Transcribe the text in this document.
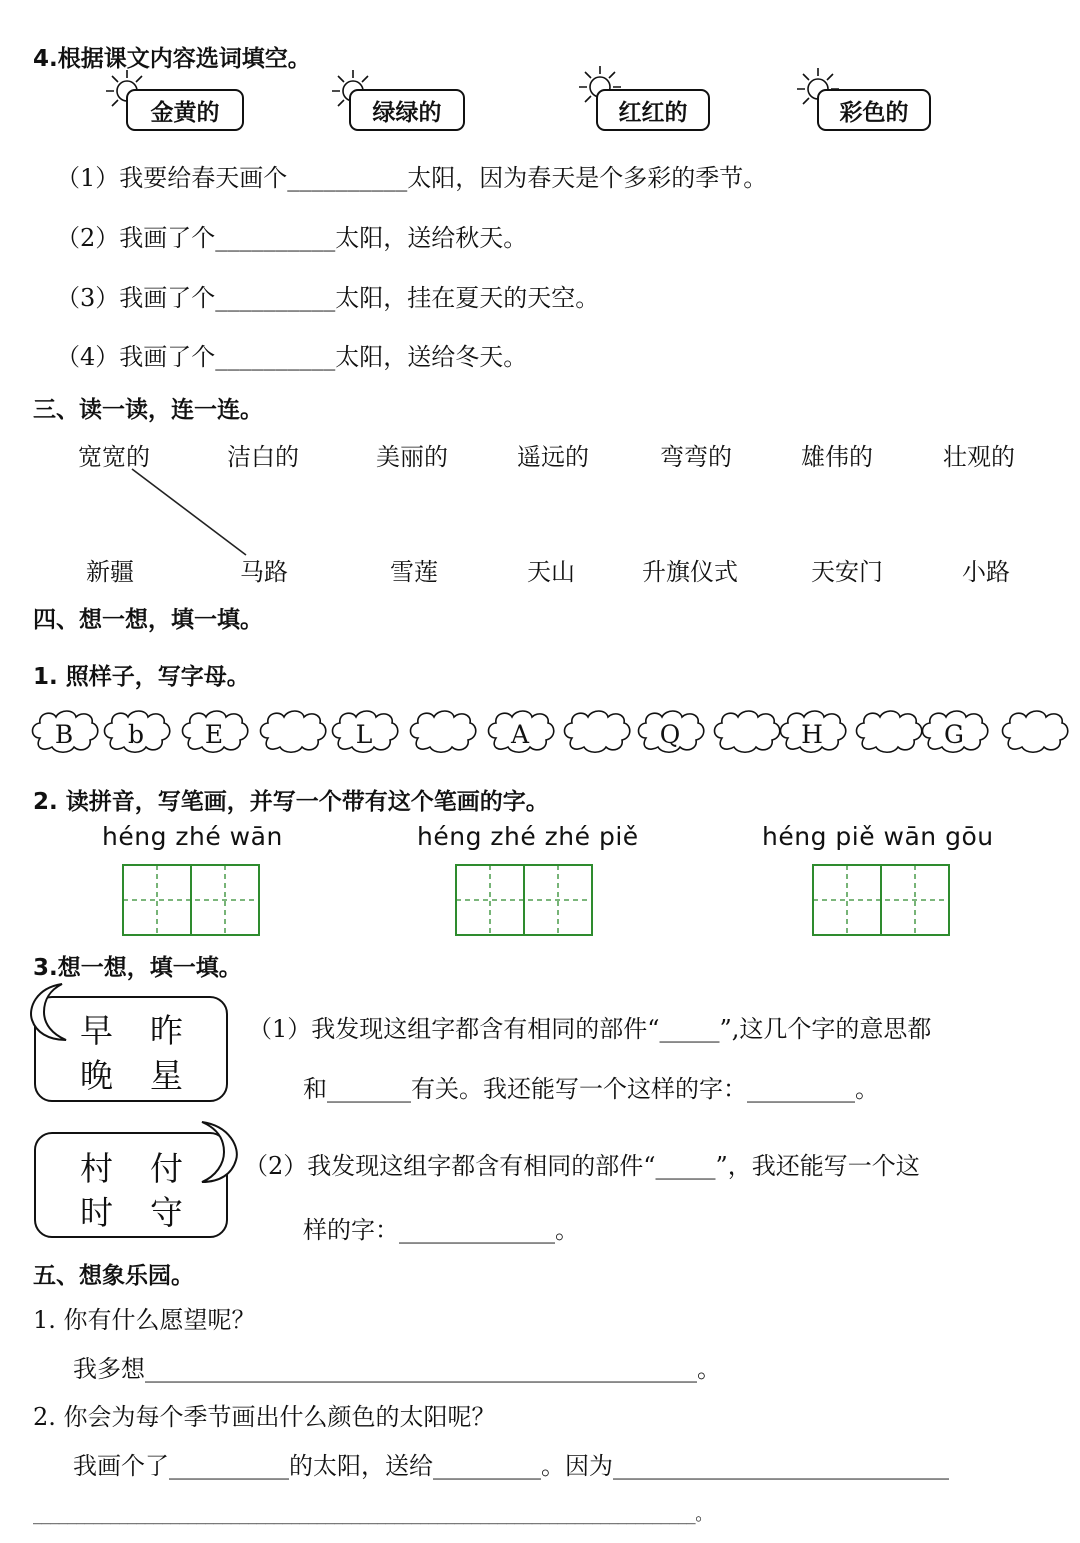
4.根据课文内容选词填空。
金黄的	绿绿的	红红的	彩色的
（1）我要给春天画个__________太阳，因为春天是个多彩的季节。
（2）我画了个__________太阳，送给秋天。
（3）我画了个__________太阳，挂在夏天的天空。
（4）我画了个__________太阳，送给冬天。
三、读一读，连一连。
宽宽的	洁白的	美丽的	遥远的	弯弯的	雄伟的	壮观的
新疆	马路	雪莲	天山	升旗仪式	天安门	小路
四、想一想，填一填。
1. 照样子，写字母。
B	b	E	L	A	Q	H	G
2. 读拼音，写笔画，并写一个带有这个笔画的字。
héng zhé wān	héng zhé zhé piě	héng piě wān gōu
3.想一想，填一填。
早 昨
晚 星
（1）我发现这组字都含有相同的部件“_____”,这几个字的意思都
和_______有关。我还能写一个这样的字：_________。
村 付
时 守
（2）我发现这组字都含有相同的部件“_____”，我还能写一个这
样的字：_____________。
五、想象乐园。
1. 你有什么愿望呢？
我多想______________________________________________。
2. 你会为每个季节画出什么颜色的太阳呢？
我画个了__________的太阳，送给_________。因为____________________________
_____________________________________________________________________________。
